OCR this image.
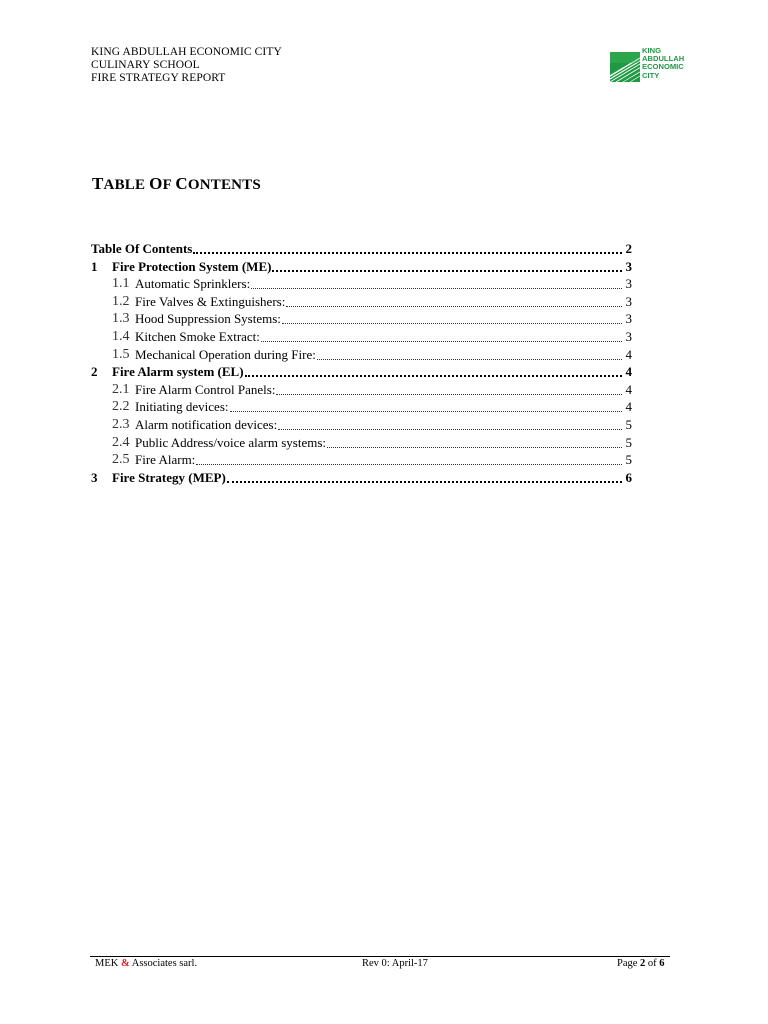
KING ABDULLAH ECONOMIC CITY
CULINARY SCHOOL
FIRE STRATEGY REPORT
KING
ABDULLAH
ECONOMIC
CITY
TABLE OF CONTENTS
Table Of Contents	2
1	Fire Protection System (ME)	3
1.1 Automatic Sprinklers:	3
1.2 Fire Valves & Extinguishers:	3
1.3 Hood Suppression Systems:	3
1.4 Kitchen Smoke Extract:	3
1.5 Mechanical Operation during Fire:	4
2	Fire Alarm system (EL)	4
2.1 Fire Alarm Control Panels:	4
2.2 Initiating devices:	4
2.3 Alarm notification devices:	5
2.4 Public Address/voice alarm systems:	5
2.5 Fire Alarm:	5
3	Fire Strategy (MEP)	6
MEK & Associates sarl.	Rev 0: April-17	Page 2 of 6
